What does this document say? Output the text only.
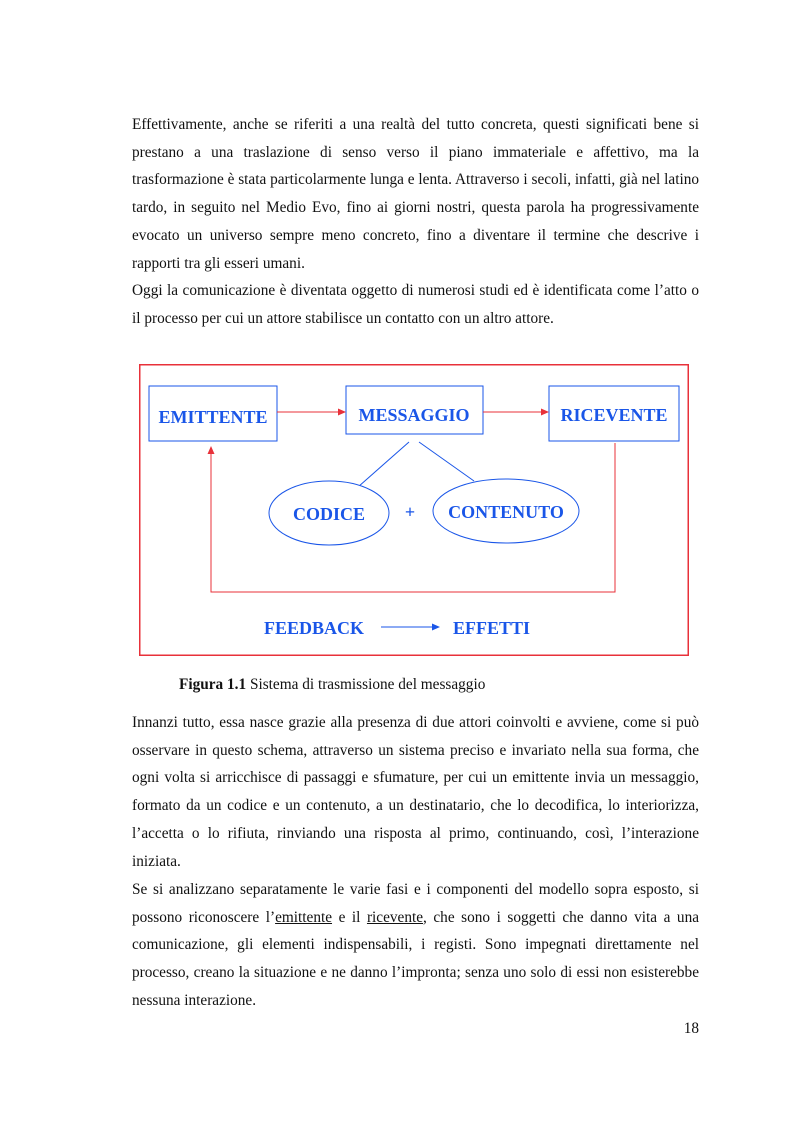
Effettivamente, anche se riferiti a una realtà del tutto concreta, questi significati bene si prestano a una traslazione di senso verso il piano immateriale e affettivo, ma la trasformazione è stata particolarmente lunga e lenta. Attraverso i secoli, infatti, già nel latino tardo, in seguito nel Medio Evo, fino ai giorni nostri, questa parola ha progressivamente evocato un universo sempre meno concreto, fino a diventare il termine che descrive i rapporti tra gli esseri umani.

Oggi la comunicazione è diventata oggetto di numerosi studi ed è identificata come l’atto o il processo per cui un attore stabilisce un contatto con un altro attore.

EMITTENTE	MESSAGGIO	RICEVENTE
CODICE + CONTENUTO
FEEDBACK	EFFETTI

Figura 1.1 Sistema di trasmissione del messaggio

Innanzi tutto, essa nasce grazie alla presenza di due attori coinvolti e avviene, come si può osservare in questo schema, attraverso un sistema preciso e invariato nella sua forma, che ogni volta si arricchisce di passaggi e sfumature, per cui un emittente invia un messaggio, formato da un codice e un contenuto, a un destinatario, che lo decodifica, lo interiorizza, l’accetta o lo rifiuta, rinviando una risposta al primo, continuando, così, l’interazione iniziata.

Se si analizzano separatamente le varie fasi e i componenti del modello sopra esposto, si possono riconoscere l’emittente e il ricevente, che sono i soggetti che danno vita a una comunicazione, gli elementi indispensabili, i registi. Sono impegnati direttamente nel processo, creano la situazione e ne danno l’impronta; senza uno solo di essi non esisterebbe nessuna interazione.

18
